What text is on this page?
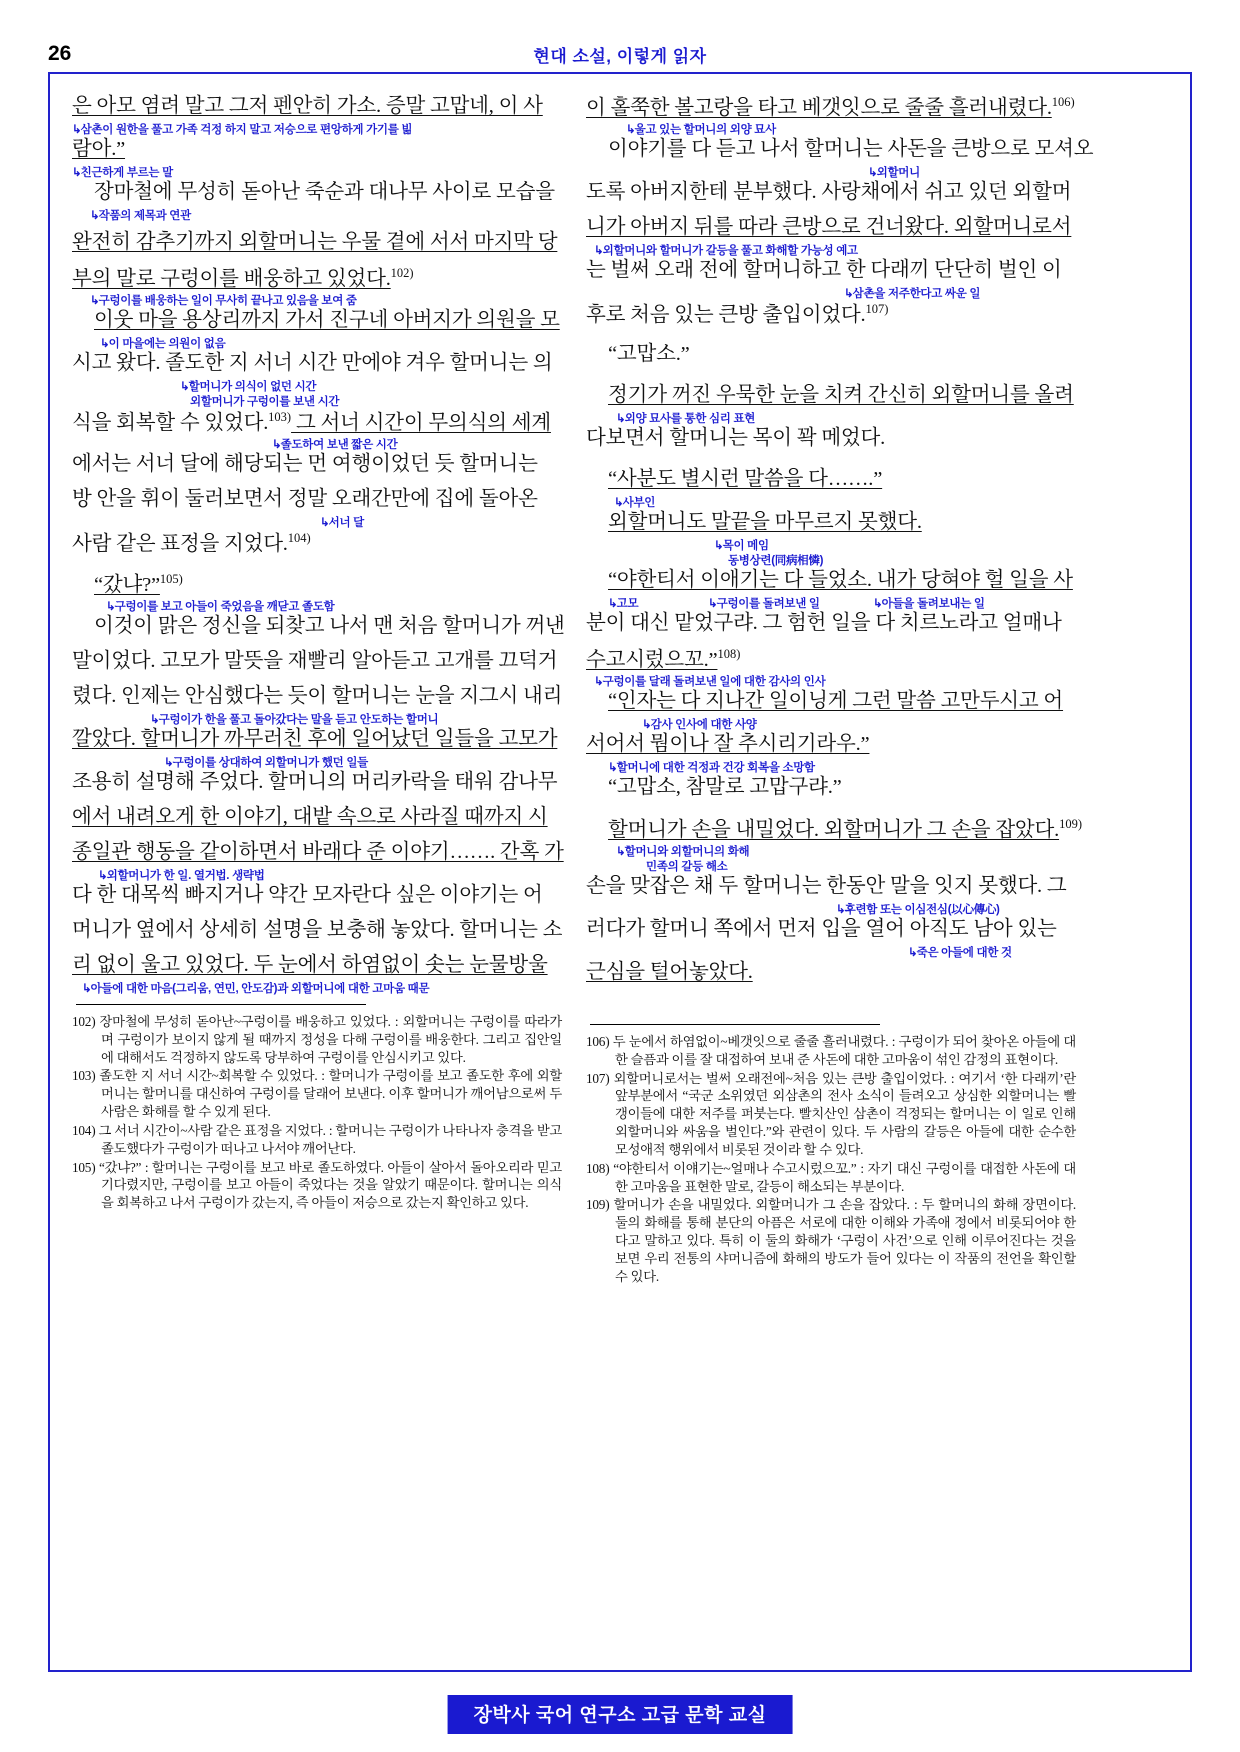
26	현대 소설, 이렇게 읽자
은 아모 염려 말고 그저 펜안히 가소. 증말 고맙네, 이 사
↳삼촌이 원한을 풀고 가족 걱정 하지 말고 저승으로 편앙하게 가기를 빎
람아.”
↳친근하게 부르는 말
장마철에 무성히 돋아난 죽순과 대나무 사이로 모습을
↳작품의 제목과 연관
완전히 감추기까지 외할머니는 우물 곁에 서서 마지막 당
부의 말로 구렁이를 배웅하고 있었다.$^{102)}$
↳구렁이를 배웅하는 일이 무사히 끝나고 있음을 보여 줌
이웃 마을 용상리까지 가서 진구네 아버지가 의원을 모
↳이 마을에는 의원이 없음
시고 왔다. 졸도한 지 서너 시간 만에야 겨우 할머니는 의
↳할머니가 의식이 없던 시간
외할머니가 구렁이를 보낸 시간
식을 회복할 수 있었다.$^{103)}$ 그 서너 시간이 무의식의 세계
↳졸도하여 보낸 짧은 시간
에서는 서너 달에 해당되는 먼 여행이었던 듯 할머니는
방 안을 휘이 둘러보면서 정말 오래간만에 집에 돌아온
↳서너 달
사람 같은 표정을 지었다.$^{104)}$
“갔냐?”$^{105)}$
↳구렁이를 보고 아들이 죽었음을 깨닫고 졸도함
이것이 맑은 정신을 되찾고 나서 맨 처음 할머니가 꺼낸
말이었다. 고모가 말뜻을 재빨리 알아듣고 고개를 끄덕거
렸다. 인제는 안심했다는 듯이 할머니는 눈을 지그시 내리
↳구렁이가 한을 풀고 돌아갔다는 말을 듣고 안도하는 할머니
깔았다. 할머니가 까무러친 후에 일어났던 일들을 고모가
↳구렁이를 상대하여 외할머니가 했던 일들
조용히 설명해 주었다. 할머니의 머리카락을 태워 감나무
에서 내려오게 한 이야기, 대밭 속으로 사라질 때까지 시
종일관 행동을 같이하면서 바래다 준 이야기……. 간혹 가
↳외할머니가 한 일. 열거법. 생략법
다 한 대목씩 빠지거나 약간 모자란다 싶은 이야기는 어
머니가 옆에서 상세히 설명을 보충해 놓았다. 할머니는 소
리 없이 울고 있었다. 두 눈에서 하염없이 솟는 눈물방울
↳아들에 대한 마음(그리움, 연민, 안도감)과 외할머니에 대한 고마움 때문
102) 장마철에 무성히 돋아난~구렁이를 배웅하고 있었다. : 외할머니는 구렁이를 따라가며 구렁이가 보이지 않게 될 때까지 정성을 다해 구렁이를 배웅한다. 그리고 집안일에 대해서도 걱정하지 않도록 당부하여 구렁이를 안심시키고 있다.
103) 졸도한 지 서너 시간~회복할 수 있었다. : 할머니가 구렁이를 보고 졸도한 후에 외할머니는 할머니를 대신하여 구렁이를 달래어 보낸다. 이후 할머니가 깨어남으로써 두 사람은 화해를 할 수 있게 된다.
104) 그 서너 시간이~사람 같은 표정을 지었다. : 할머니는 구렁이가 나타나자 충격을 받고 졸도했다가 구렁이가 떠나고 나서야 깨어난다.
105) “갔냐?” : 할머니는 구렁이를 보고 바로 졸도하였다. 아들이 살아서 돌아오리라 믿고 기다렸지만, 구렁이를 보고 아들이 죽었다는 것을 알았기 때문이다. 할머니는 의식을 회복하고 나서 구렁이가 갔는지, 즉 아들이 저승으로 갔는지 확인하고 있다.
이 홀쭉한 볼고랑을 타고 베갯잇으로 줄줄 흘러내렸다.$^{106)}$
↳울고 있는 할머니의 외양 묘사
이야기를 다 듣고 나서 할머니는 사돈을 큰방으로 모셔오
↳외할머니
도록 아버지한테 분부했다. 사랑채에서 쉬고 있던 외할머
니가 아버지 뒤를 따라 큰방으로 건너왔다. 외할머니로서
↳외할머니와 할머니가 갈등을 풀고 화해할 가능성 예고
는 벌써 오래 전에 할머니하고 한 다래끼 단단히 벌인 이
↳삼촌을 저주한다고 싸운 일
후로 처음 있는 큰방 출입이었다.$^{107)}$
“고맙소.”
정기가 꺼진 우묵한 눈을 치켜 간신히 외할머니를 올려
↳외양 묘사를 통한 심리 표현
다보면서 할머니는 목이 꽉 메었다.
“사분도 별시런 말씀을 다…….”
↳사부인
외할머니도 말끝을 마무르지 못했다.
↳목이 메임
동병상련(同病相憐)
“야한티서 이애기는 다 들었소. 내가 당혀야 헐 일을 사
↳고모	↳구렁이를 돌려보낸 일	↳아들을 돌려보내는 일
분이 대신 맡었구랴. 그 험헌 일을 다 치르노라고 얼매나
수고시렀으꼬.”$^{108)}$
↳구렁이를 달래 돌려보낸 일에 대한 감사의 인사
“인자는 다 지나간 일이닝게 그런 말씀 고만두시고 어
↳감사 인사에 대한 사양
서어서 뭠이나 잘 추시리기라우.”
↳할머니에 대한 걱정과 건강 회복을 소망함
“고맙소, 참말로 고맙구랴.”
할머니가 손을 내밀었다. 외할머니가 그 손을 잡았다.$^{109)}$
↳할머니와 외할머니의 화해
민족의 갈등 해소
손을 맞잡은 채 두 할머니는 한동안 말을 잇지 못했다. 그
↳후련함 또는 이심전심(以心傳心)
러다가 할머니 쪽에서 먼저 입을 열어 아직도 남아 있는
↳죽은 아들에 대한 것
근심을 털어놓았다.
106) 두 눈에서 하염없이~베갯잇으로 줄줄 흘러내렸다. : 구렁이가 되어 찾아온 아들에 대한 슬픔과 이를 잘 대접하여 보내 준 사돈에 대한 고마움이 섞인 감정의 표현이다.
107) 외할머니로서는 벌써 오래전에~처음 있는 큰방 출입이었다. : 여기서 ‘한 다래끼’란 앞부분에서 “국군 소위였던 외삼촌의 전사 소식이 들려오고 상심한 외할머니는 빨갱이들에 대한 저주를 퍼붓는다. 빨치산인 삼촌이 걱정되는 할머니는 이 일로 인해 외할머니와 싸움을 벌인다.”와 관련이 있다. 두 사람의 갈등은 아들에 대한 순수한 모성애적 행위에서 비롯된 것이라 할 수 있다.
108) “야한티서 이얘기는~얼매나 수고시렀으꼬.” : 자기 대신 구렁이를 대접한 사돈에 대한 고마움을 표현한 말로, 갈등이 해소되는 부분이다.
109) 할머니가 손을 내밀었다. 외할머니가 그 손을 잡았다. : 두 할머니의 화해 장면이다. 둘의 화해를 통해 분단의 아픔은 서로에 대한 이해와 가족애 정에서 비롯되어야 한다고 말하고 있다. 특히 이 둘의 화해가 ‘구렁이 사건’으로 인해 이루어진다는 것을 보면 우리 전통의 샤머니즘에 화해의 방도가 들어 있다는 이 작품의 전언을 확인할 수 있다.
장박사 국어 연구소 고급 문학 교실
